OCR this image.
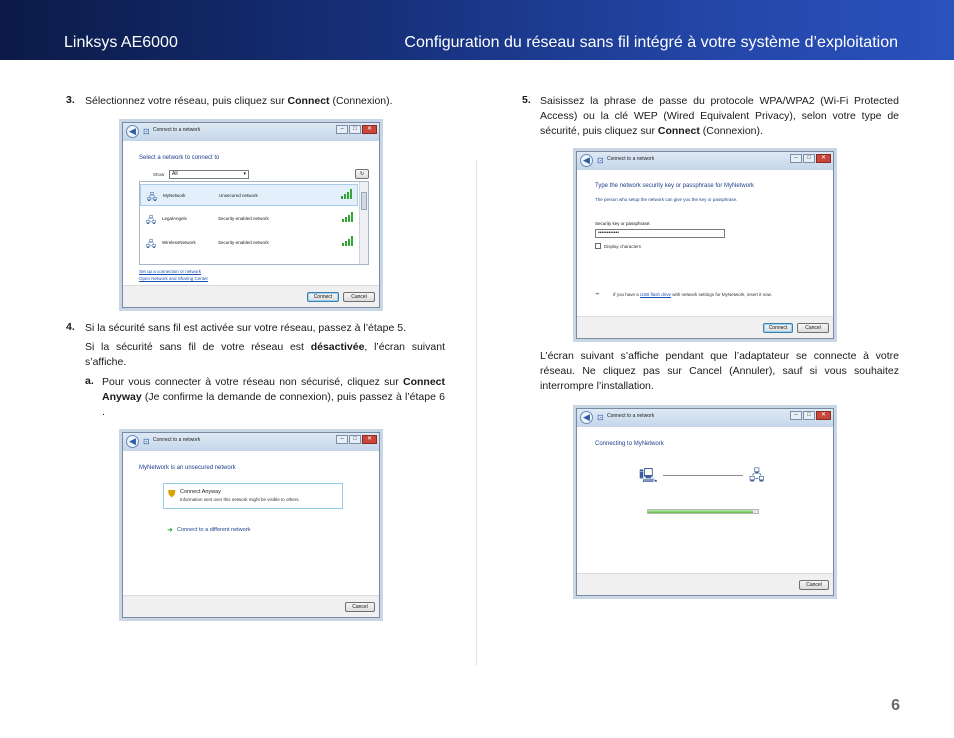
Linksys AE6000	Configuration du réseau sans fil intégré à votre système d’exploitation
3. Sélectionnez votre réseau, puis cliquez sur Connect (Connexion).
◀ ⊡ Connect to a network	–	□	✕
Select a network to connect to
Show	All	▾	↻
🖧 MyNetwork	Unsecured network
🖧 LegalAngels	Security-enabled network
🖧 WirelessNetwork	Security-enabled network
Set up a connection or network
Open Network and Sharing Center
Connect	Cancel
4. Si la sécurité sans fil est activée sur votre réseau, passez à l’étape 5.
Si la sécurité sans fil de votre réseau est désactivée, l’écran suivant s’affiche.
a. Pour vous connecter à votre réseau non sécurisé, cliquez sur Connect Anyway (Je confirme la demande de connexion), puis passez à l’étape 6 .
◀ ⊡ Connect to a network	–	□	✕
MyNetwork is an unsecured network
⛊ Connect Anyway
Information sent over this network might be visible to others.
➜ Connect to a different network
Cancel
5. Saisissez la phrase de passe du protocole WPA/WPA2 (Wi-Fi Protected Access) ou la clé WEP (Wired Equivalent Privacy), selon votre type de sécurité, puis cliquez sur Connect (Connexion).
◀ ⊡ Connect to a network	–	□	✕
Type the network security key or passphrase for MyNetwork
The person who setup the network can give you the key or passphrase.
Security key or passphrase:
••••••••••••
Display characters
⌁	If you have a USB flash drive with network settings for MyNetwork, insert it now.
Connect	Cancel
L’écran suivant s’affiche pendant que l’adaptateur se connecte à votre réseau. Ne cliquez pas sur Cancel (Annuler), sauf si vous souhaitez interrompre l’installation.
◀ ⊡ Connect to a network	–	□	✕
Connecting to MyNetwork
🖳	🖧
Cancel
6
